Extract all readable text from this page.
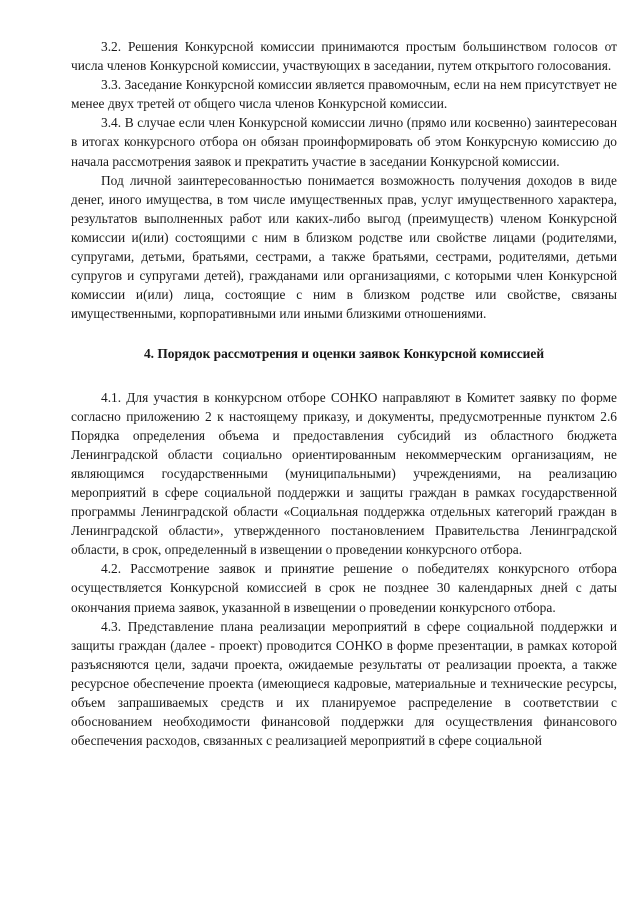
3.2. Решения Конкурсной комиссии принимаются простым большинством голосов от числа членов Конкурсной комиссии, участвующих в заседании, путем открытого голосования.

3.3. Заседание Конкурсной комиссии является правомочным, если на нем присутствует не менее двух третей от общего числа членов Конкурсной комиссии.

3.4. В случае если член Конкурсной комиссии лично (прямо или косвенно) заинтересован в итогах конкурсного отбора он обязан проинформировать об этом Конкурсную комиссию до начала рассмотрения заявок и прекратить участие в заседании Конкурсной комиссии.

Под личной заинтересованностью понимается возможность получения доходов в виде денег, иного имущества, в том числе имущественных прав, услуг имущественного характера, результатов выполненных работ или каких-либо выгод (преимуществ) членом Конкурсной комиссии и(или) состоящими с ним в близком родстве или свойстве лицами (родителями, супругами, детьми, братьями, сестрами, а также братьями, сестрами, родителями, детьми супругов и супругами детей), гражданами или организациями, с которыми член Конкурсной комиссии и(или) лица, состоящие с ним в близком родстве или свойстве, связаны имущественными, корпоративными или иными близкими отношениями.

4. Порядок рассмотрения и оценки заявок Конкурсной комиссией

4.1. Для участия в конкурсном отборе СОНКО направляют в Комитет заявку по форме согласно приложению 2 к настоящему приказу, и документы, предусмотренные пунктом 2.6 Порядка определения объема и предоставления субсидий из областного бюджета Ленинградской области социально ориентированным некоммерческим организациям, не являющимся государственными (муниципальными) учреждениями, на реализацию мероприятий в сфере социальной поддержки и защиты граждан в рамках государственной программы Ленинградской области «Социальная поддержка отдельных категорий граждан в Ленинградской области», утвержденного постановлением Правительства Ленинградской области, в срок, определенный в извещении о проведении конкурсного отбора.

4.2. Рассмотрение заявок и принятие решение о победителях конкурсного отбора осуществляется Конкурсной комиссией в срок не позднее 30 календарных дней с даты окончания приема заявок, указанной в извещении о проведении конкурсного отбора.

4.3. Представление плана реализации мероприятий в сфере социальной поддержки и защиты граждан (далее - проект) проводится СОНКО в форме презентации, в рамках которой разъясняются цели, задачи проекта, ожидаемые результаты от реализации проекта, а также ресурсное обеспечение проекта (имеющиеся кадровые, материальные и технические ресурсы, объем запрашиваемых средств и их планируемое распределение в соответствии с обоснованием необходимости финансовой поддержки для осуществления финансового обеспечения расходов, связанных с реализацией мероприятий в сфере социальной
